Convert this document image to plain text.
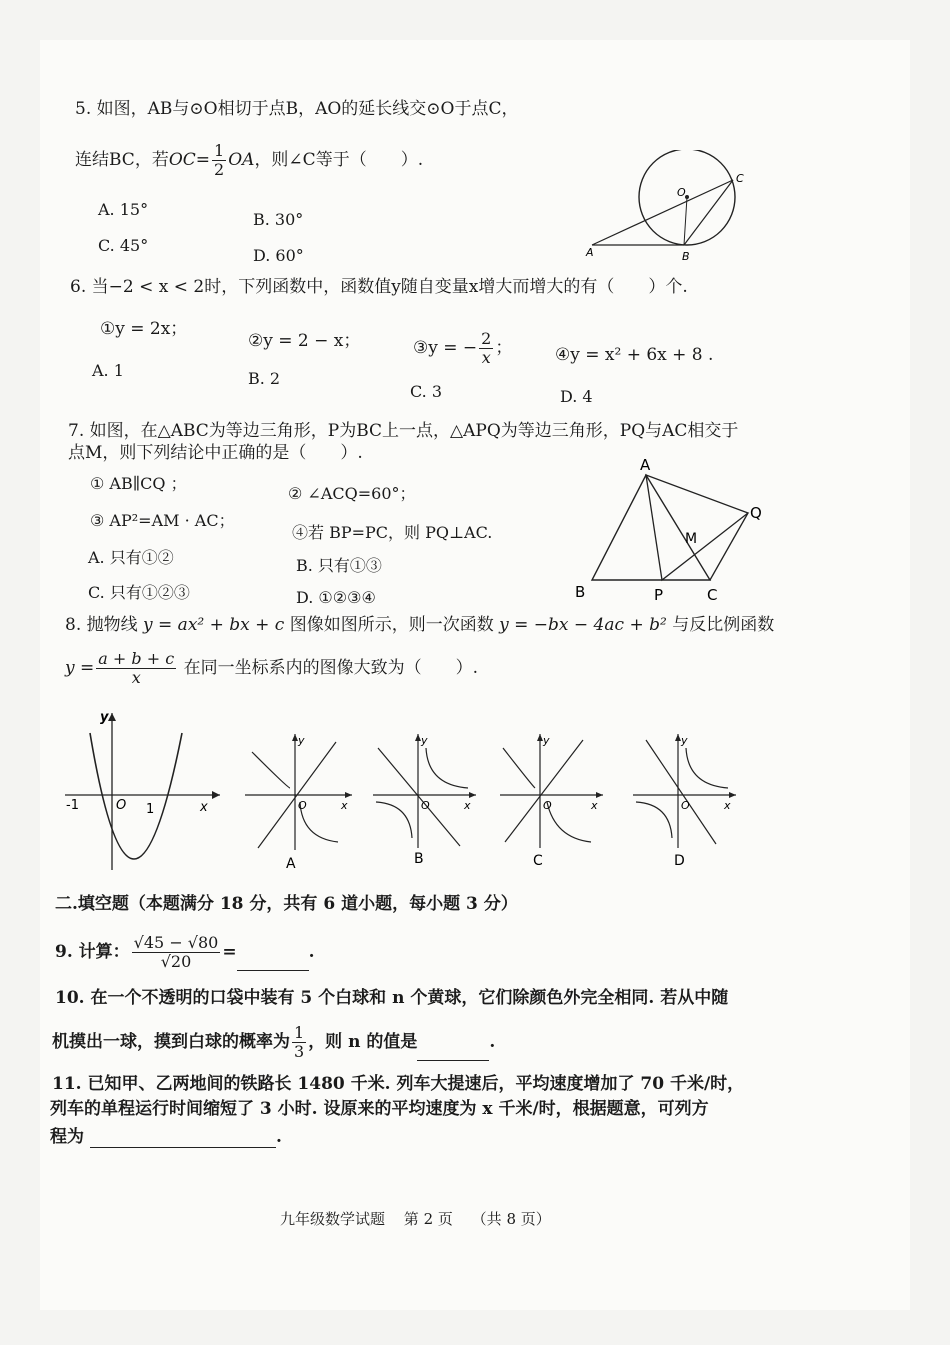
5. 如图，AB与⊙O相切于点B，AO的延长线交⊙O于点C，
连结BC，若$OC= \frac{1}{2}$ OA，则∠C等于（　　）.
A. 15°
B. 30°
C. 45°
D. 60°	A	B
C
O
6. 当−2 < x < 2时，下列函数中，函数值y随自变量x增大而增大的有（　　）个.
①y = 2x；
②y = 2 − x；	③y = − $\frac{2}{x}$ ；	④y = x² + 6x + 8 .
A. 1	B. 2
C. 3	D. 4
7. 如图，在△ABC为等边三角形，P为BC上一点，△APQ为等边三角形，PQ与AC相交于
点M，则下列结论中正确的是（　　）.
① AB∥CQ ；
② ∠ACQ=60°；
③ AP²=AM · AC；
④若 BP=PC，则 PQ⊥AC.
A. 只有①②	B. 只有①③
C. 只有①②③	D. ①②③④
A
B	P	C
Q
M
8. 抛物线 y = ax² + bx + c 图像如图所示，则一次函数 y = −bx − 4ac + b² 与反比例函数
$y = \frac{a + b + c}{x}$ 在同一坐标系内的图像大致为（　　）.
y
x
O
-1	1
y
x
O
A
y
x
O
B
y
x
O
C
y
x
O
D
二.填空题（本题满分 18 分，共有 6 道小题，每小题 3 分）
9. 计算： $\frac{√45 - √80}{√20}$ =	.
10. 在一个不透明的口袋中装有 5 个白球和 n 个黄球，它们除颜色外完全相同. 若从中随
机摸出一球，摸到白球的概率为 $\frac{1}{3}$ ，则 n 的值是	.
11. 已知甲、乙两地间的铁路长 1480 千米. 列车大提速后，平均速度增加了 70 千米/时，
列车的单程运行时间缩短了 3 小时. 设原来的平均速度为 x 千米/时，根据题意，可列方
程为	.
九年级数学试题 第 2 页 （共 8 页）
